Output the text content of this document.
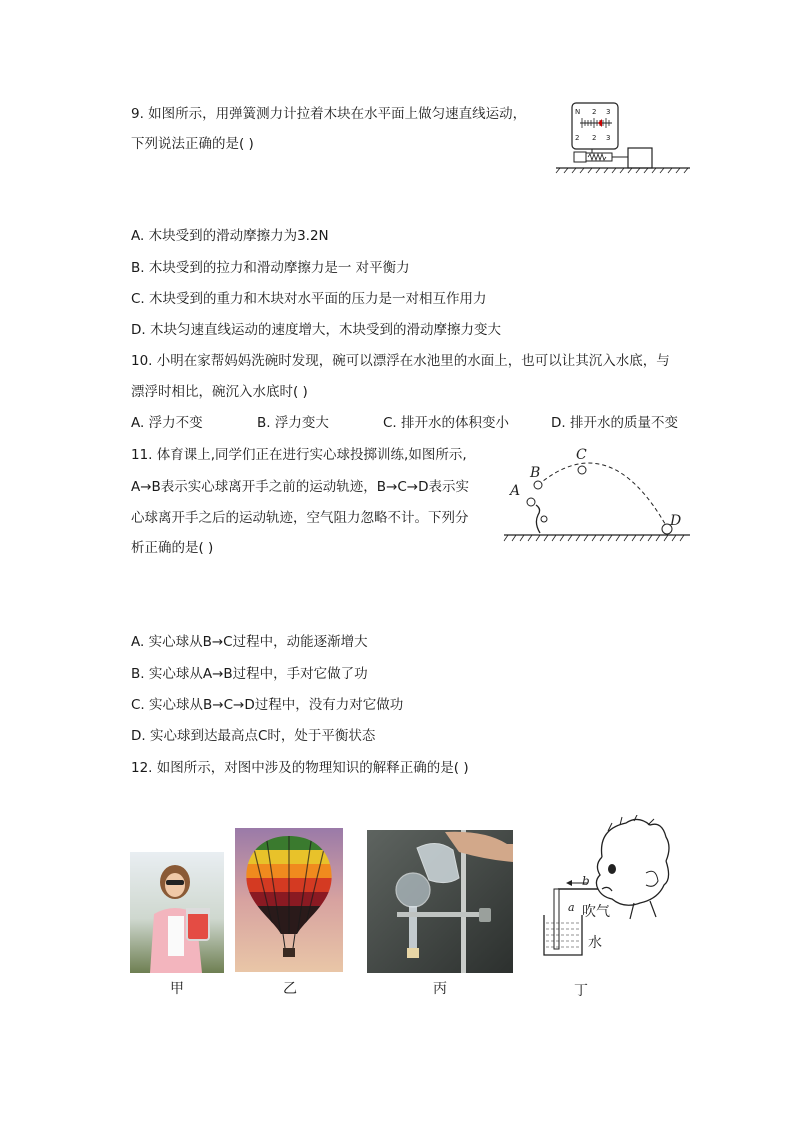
9. 如图所示，用弹簧测力计拉着木块在水平面上做匀速直线运动，
下列说法正确的是( )
N
2
2
2
3
3
A. 木块受到的滑动摩擦力为3.2N
B. 木块受到的拉力和滑动摩擦力是一 对平衡力
C. 木块受到的重力和木块对水平面的压力是一对相互作用力
D. 木块匀速直线运动的速度增大，木块受到的滑动摩擦力变大
10. 小明在家帮妈妈洗碗时发现，碗可以漂浮在水池里的水面上，也可以让其沉入水底，与
漂浮时相比，碗沉入水底时( )
A. 浮力不变	B. 浮力变大	C. 排开水的体积变小	D. 排开水的质量不变
11. 体育课上,同学们正在进行实心球投掷训练,如图所示,
A→B表示实心球离开手之前的运动轨迹，B→C→D表示实
心球离开手之后的运动轨迹，空气阻力忽略不计。下列分
析正确的是( )
A
B
C
D
A. 实心球从B→C过程中，动能逐渐增大
B. 实心球从A→B过程中，手对它做了功
C. 实心球从B→C→D过程中，没有力对它做功
D. 实心球到达最高点C时，处于平衡状态
12. 如图所示，对图中涉及的物理知识的解释正确的是( )
甲	乙	丙
b
a 吹气
水
丁
